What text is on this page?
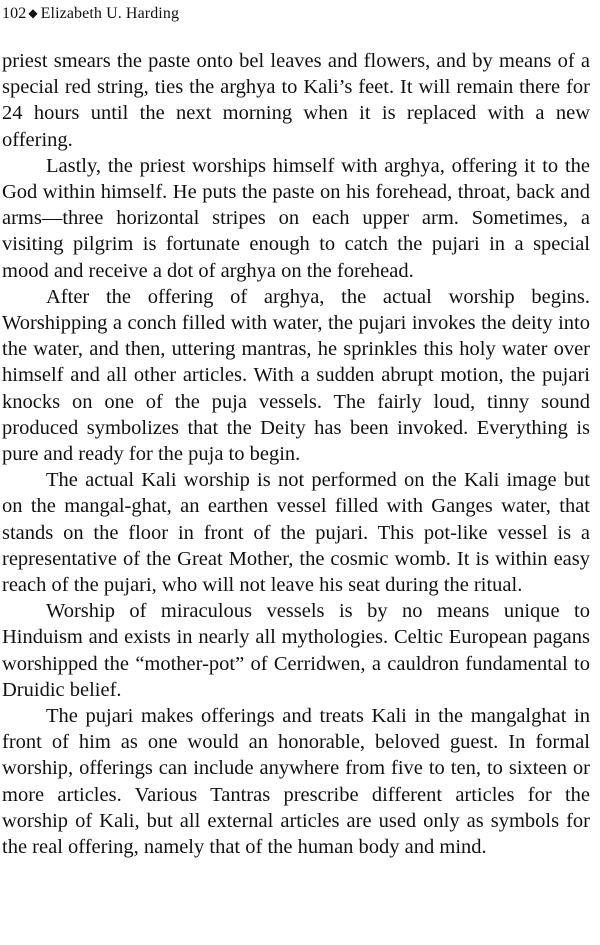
102 ◆ Elizabeth U. Harding

priest smears the paste onto bel leaves and flowers, and by means of a special red string, ties the arghya to Kali’s feet. It will remain there for 24 hours until the next morning when it is replaced with a new offering.

Lastly, the priest worships himself with arghya, offering it to the God within himself. He puts the paste on his forehead, throat, back and arms—three horizontal stripes on each upper arm. Sometimes, a visiting pilgrim is fortunate enough to catch the pujari in a special mood and receive a dot of arghya on the forehead.

After the offering of arghya, the actual worship begins. Worshipping a conch filled with water, the pujari invokes the deity into the water, and then, uttering mantras, he sprinkles this holy water over himself and all other articles. With a sudden abrupt motion, the pujari knocks on one of the puja vessels. The fairly loud, tinny sound produced symbolizes that the Deity has been invoked. Everything is pure and ready for the puja to begin.

The actual Kali worship is not performed on the Kali image but on the mangal-ghat, an earthen vessel filled with Ganges water, that stands on the floor in front of the pujari. This pot-like vessel is a representative of the Great Mother, the cosmic womb. It is within easy reach of the pujari, who will not leave his seat during the ritual.

Worship of miraculous vessels is by no means unique to Hinduism and exists in nearly all mythologies. Celtic European pagans worshipped the “mother-pot” of Cerridwen, a cauldron fundamental to Druidic belief.

The pujari makes offerings and treats Kali in the mangalghat in front of him as one would an honorable, beloved guest. In formal worship, offerings can include anywhere from five to ten, to sixteen or more articles. Various Tantras prescribe different articles for the worship of Kali, but all external articles are used only as symbols for the real offering, namely that of the human body and mind.
